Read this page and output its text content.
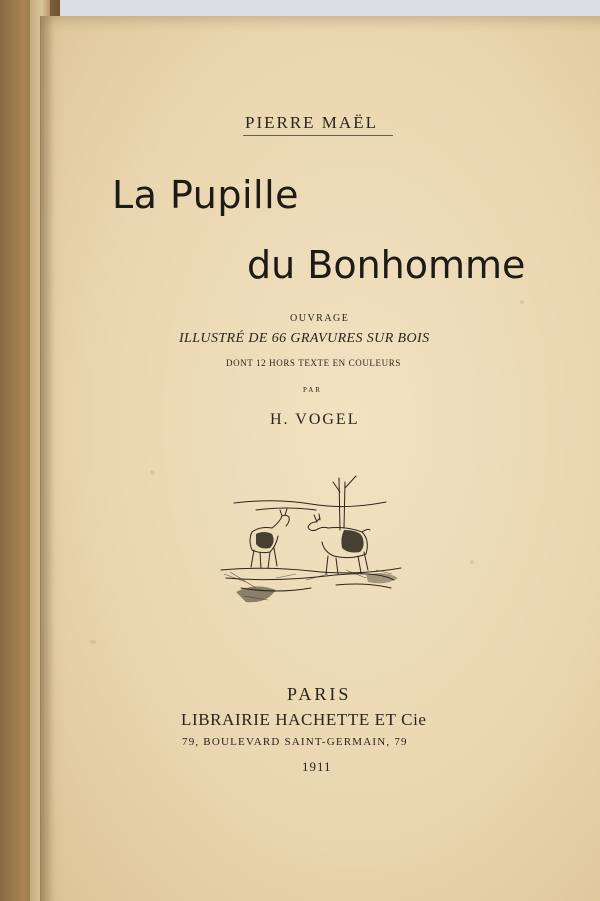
PIERRE MAËL
La Pupille
du Bonhomme
OUVRAGE
ILLUSTRÉ DE 66 GRAVURES SUR BOIS
DONT 12 HORS TEXTE EN COULEURS
PAR
H. VOGEL
PARIS
LIBRAIRIE HACHETTE ET Cie
79, BOULEVARD SAINT-GERMAIN, 79
1911
